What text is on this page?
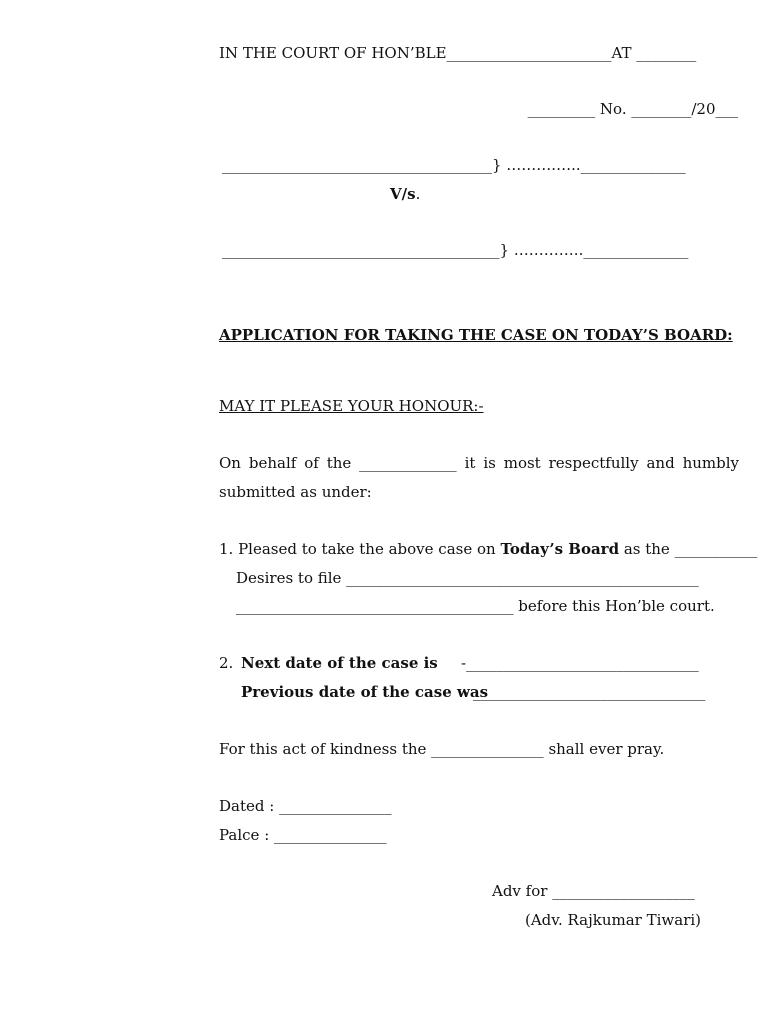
IN THE COURT OF HON’BLE______________________AT ________
_________ No. ________/20___
____________________________________} ……….…..______________
V/s.
_____________________________________} …………..______________
APPLICATION FOR TAKING THE CASE ON TODAY’S BOARD:
MAY IT PLEASE YOUR HONOUR:-
On behalf of the _____________ it is most respectfully and humbly
submitted as under:
1. Pleased to take the above case on Today’s Board as the ___________
Desires to file _______________________________________________
_____________________________________ before this Hon’ble court.
2. Next date of the case is -_______________________________
Previous date of the case was
- _______________________________
For this act of kindness the _______________ shall ever pray.
Dated : _______________
Palce : _______________
Adv for ___________________
(Adv. Rajkumar Tiwari)
